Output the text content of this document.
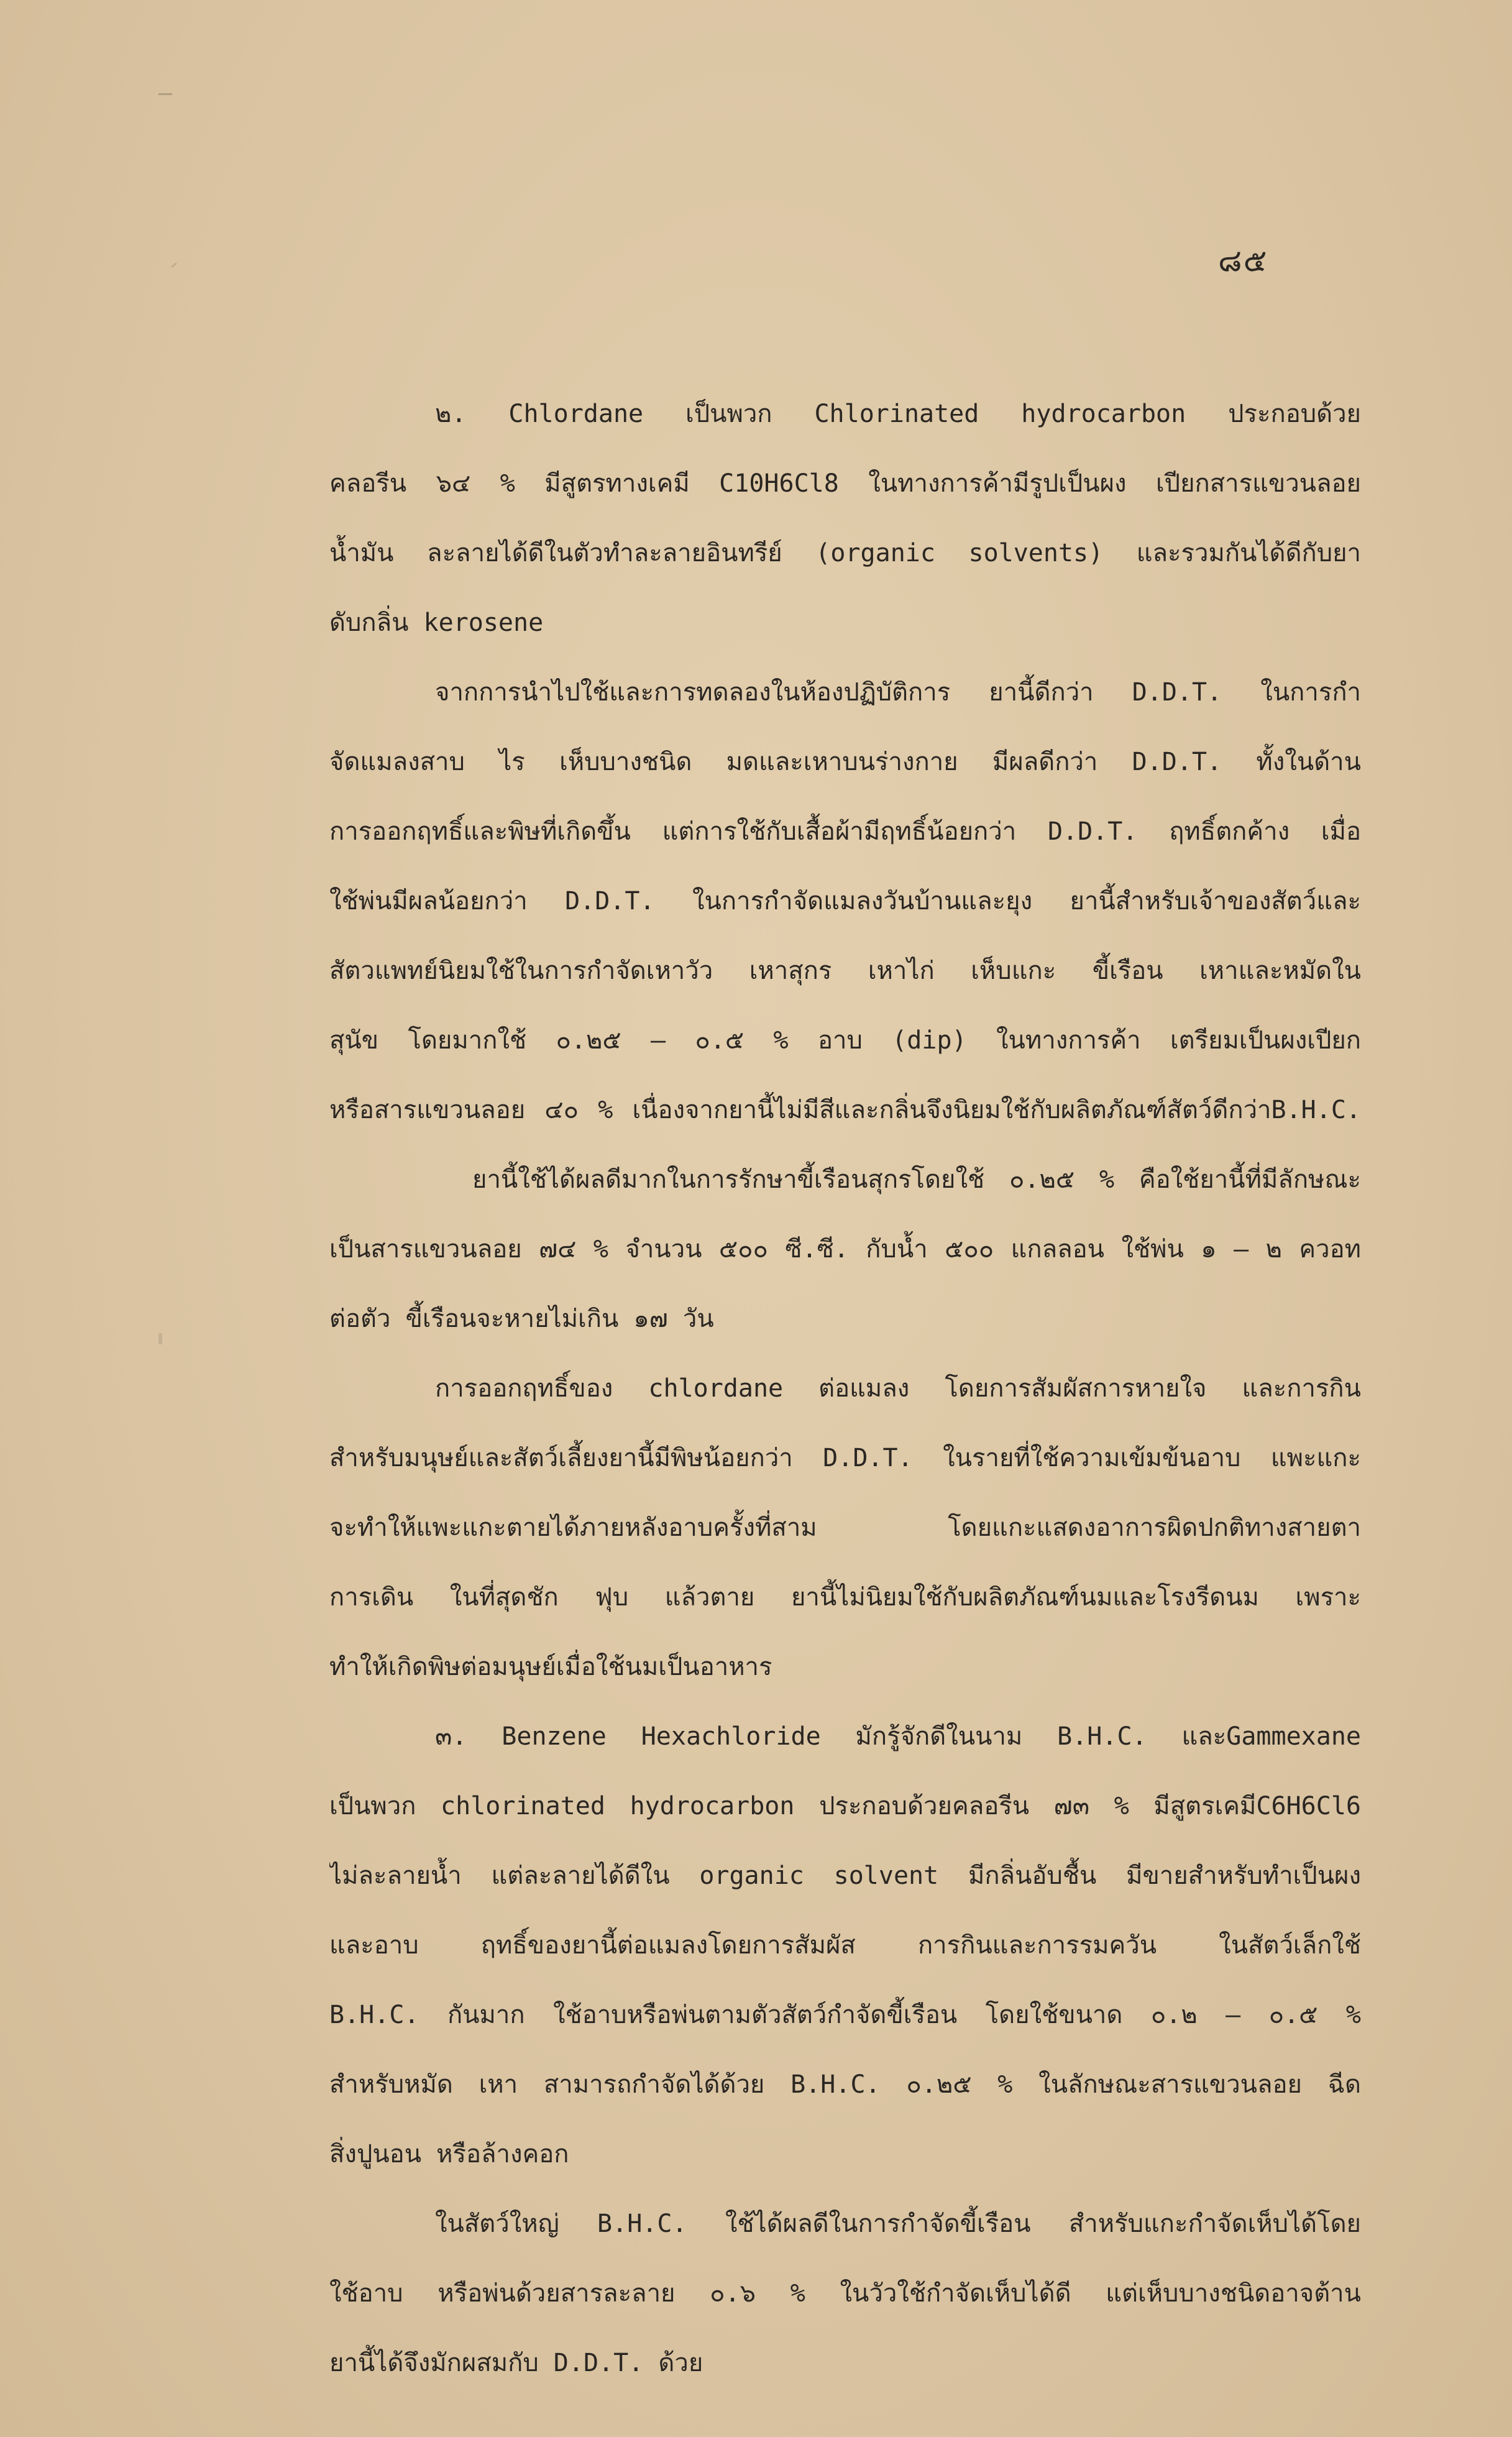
๘๕
๒. Chlordane เป็นพวก Chlorinated hydrocarbon ประกอบด้วย
คลอรีน ๖๔ % มีสูตรทางเคมี C10H6Cl8 ในทางการค้ามีรูปเป็นผง เปียกสารแขวนลอย
น้ำมัน ละลายได้ดีในตัวทำละลายอินทรีย์ (organic solvents) และรวมกันได้ดีกับยา
ดับกลิ่น kerosene
จากการนำไปใช้และการทดลองในห้องปฏิบัติการ ยานี้ดีกว่า D.D.T. ในการกำ
จัดแมลงสาบ ไร เห็บบางชนิด มดและเหาบนร่างกาย มีผลดีกว่า D.D.T. ทั้งในด้าน
การออกฤทธิ์และพิษที่เกิดขึ้น แต่การใช้กับเสื้อผ้ามีฤทธิ์น้อยกว่า D.D.T. ฤทธิ์ตกค้าง เมื่อ
ใช้พ่นมีผลน้อยกว่า D.D.T. ในการกำจัดแมลงวันบ้านและยุง ยานี้สำหรับเจ้าของสัตว์และ
สัตวแพทย์นิยมใช้ในการกำจัดเหาวัว เหาสุกร เหาไก่ เห็บแกะ ขี้เรือน เหาและหมัดใน
สุนัข โดยมากใช้ ๐.๒๕ – ๐.๕ % อาบ (dip) ในทางการค้า เตรียมเป็นผงเปียก
หรือสารแขวนลอย ๔๐ % เนื่องจากยานี้ไม่มีสีและกลิ่นจึงนิยมใช้กับผลิตภัณฑ์สัตว์ดีกว่าB.H.C.
ยานี้ใช้ได้ผลดีมากในการรักษาขี้เรือนสุกรโดยใช้ ๐.๒๕ % คือใช้ยานี้ที่มีลักษณะ
เป็นสารแขวนลอย ๗๔ % จำนวน ๕๐๐ ซี.ซี. กับน้ำ ๕๐๐ แกลลอน ใช้พ่น ๑ – ๒ ควอท
ต่อตัว ขี้เรือนจะหายไม่เกิน ๑๗ วัน
การออกฤทธิ์ของ chlordane ต่อแมลง โดยการสัมผัสการหายใจ และการกิน
สำหรับมนุษย์และสัตว์เลี้ยงยานี้มีพิษน้อยกว่า D.D.T. ในรายที่ใช้ความเข้มข้นอาบ แพะแกะ
จะทำให้แพะแกะตายได้ภายหลังอาบครั้งที่สาม โดยแกะแสดงอาการผิดปกติทางสายตา
การเดิน ในที่สุดชัก ฟุบ แล้วตาย ยานี้ไม่นิยมใช้กับผลิตภัณฑ์นมและโรงรีดนม เพราะ
ทำให้เกิดพิษต่อมนุษย์เมื่อใช้นมเป็นอาหาร
๓. Benzene Hexachloride มักรู้จักดีในนาม B.H.C. และGammexane
เป็นพวก chlorinated hydrocarbon ประกอบด้วยคลอรีน ๗๓ % มีสูตรเคมีC6H6Cl6
ไม่ละลายน้ำ แต่ละลายได้ดีใน organic solvent มีกลิ่นอับชื้น มีขายสำหรับทำเป็นผง
และอาบ ฤทธิ์ของยานี้ต่อแมลงโดยการสัมผัส การกินและการรมควัน ในสัตว์เล็กใช้
B.H.C. กันมาก ใช้อาบหรือพ่นตามตัวสัตว์กำจัดขี้เรือน โดยใช้ขนาด ๐.๒ – ๐.๕ %
สำหรับหมัด เหา สามารถกำจัดได้ด้วย B.H.C. ๐.๒๕ % ในลักษณะสารแขวนลอย ฉีด
สิ่งปูนอน หรือล้างคอก
ในสัตว์ใหญ่ B.H.C. ใช้ได้ผลดีในการกำจัดขี้เรือน สำหรับแกะกำจัดเห็บได้โดย
ใช้อาบ หรือพ่นด้วยสารละลาย ๐.๖ % ในวัวใช้กำจัดเห็บได้ดี แต่เห็บบางชนิดอาจต้าน
ยานี้ได้จึงมักผสมกับ D.D.T. ด้วย
